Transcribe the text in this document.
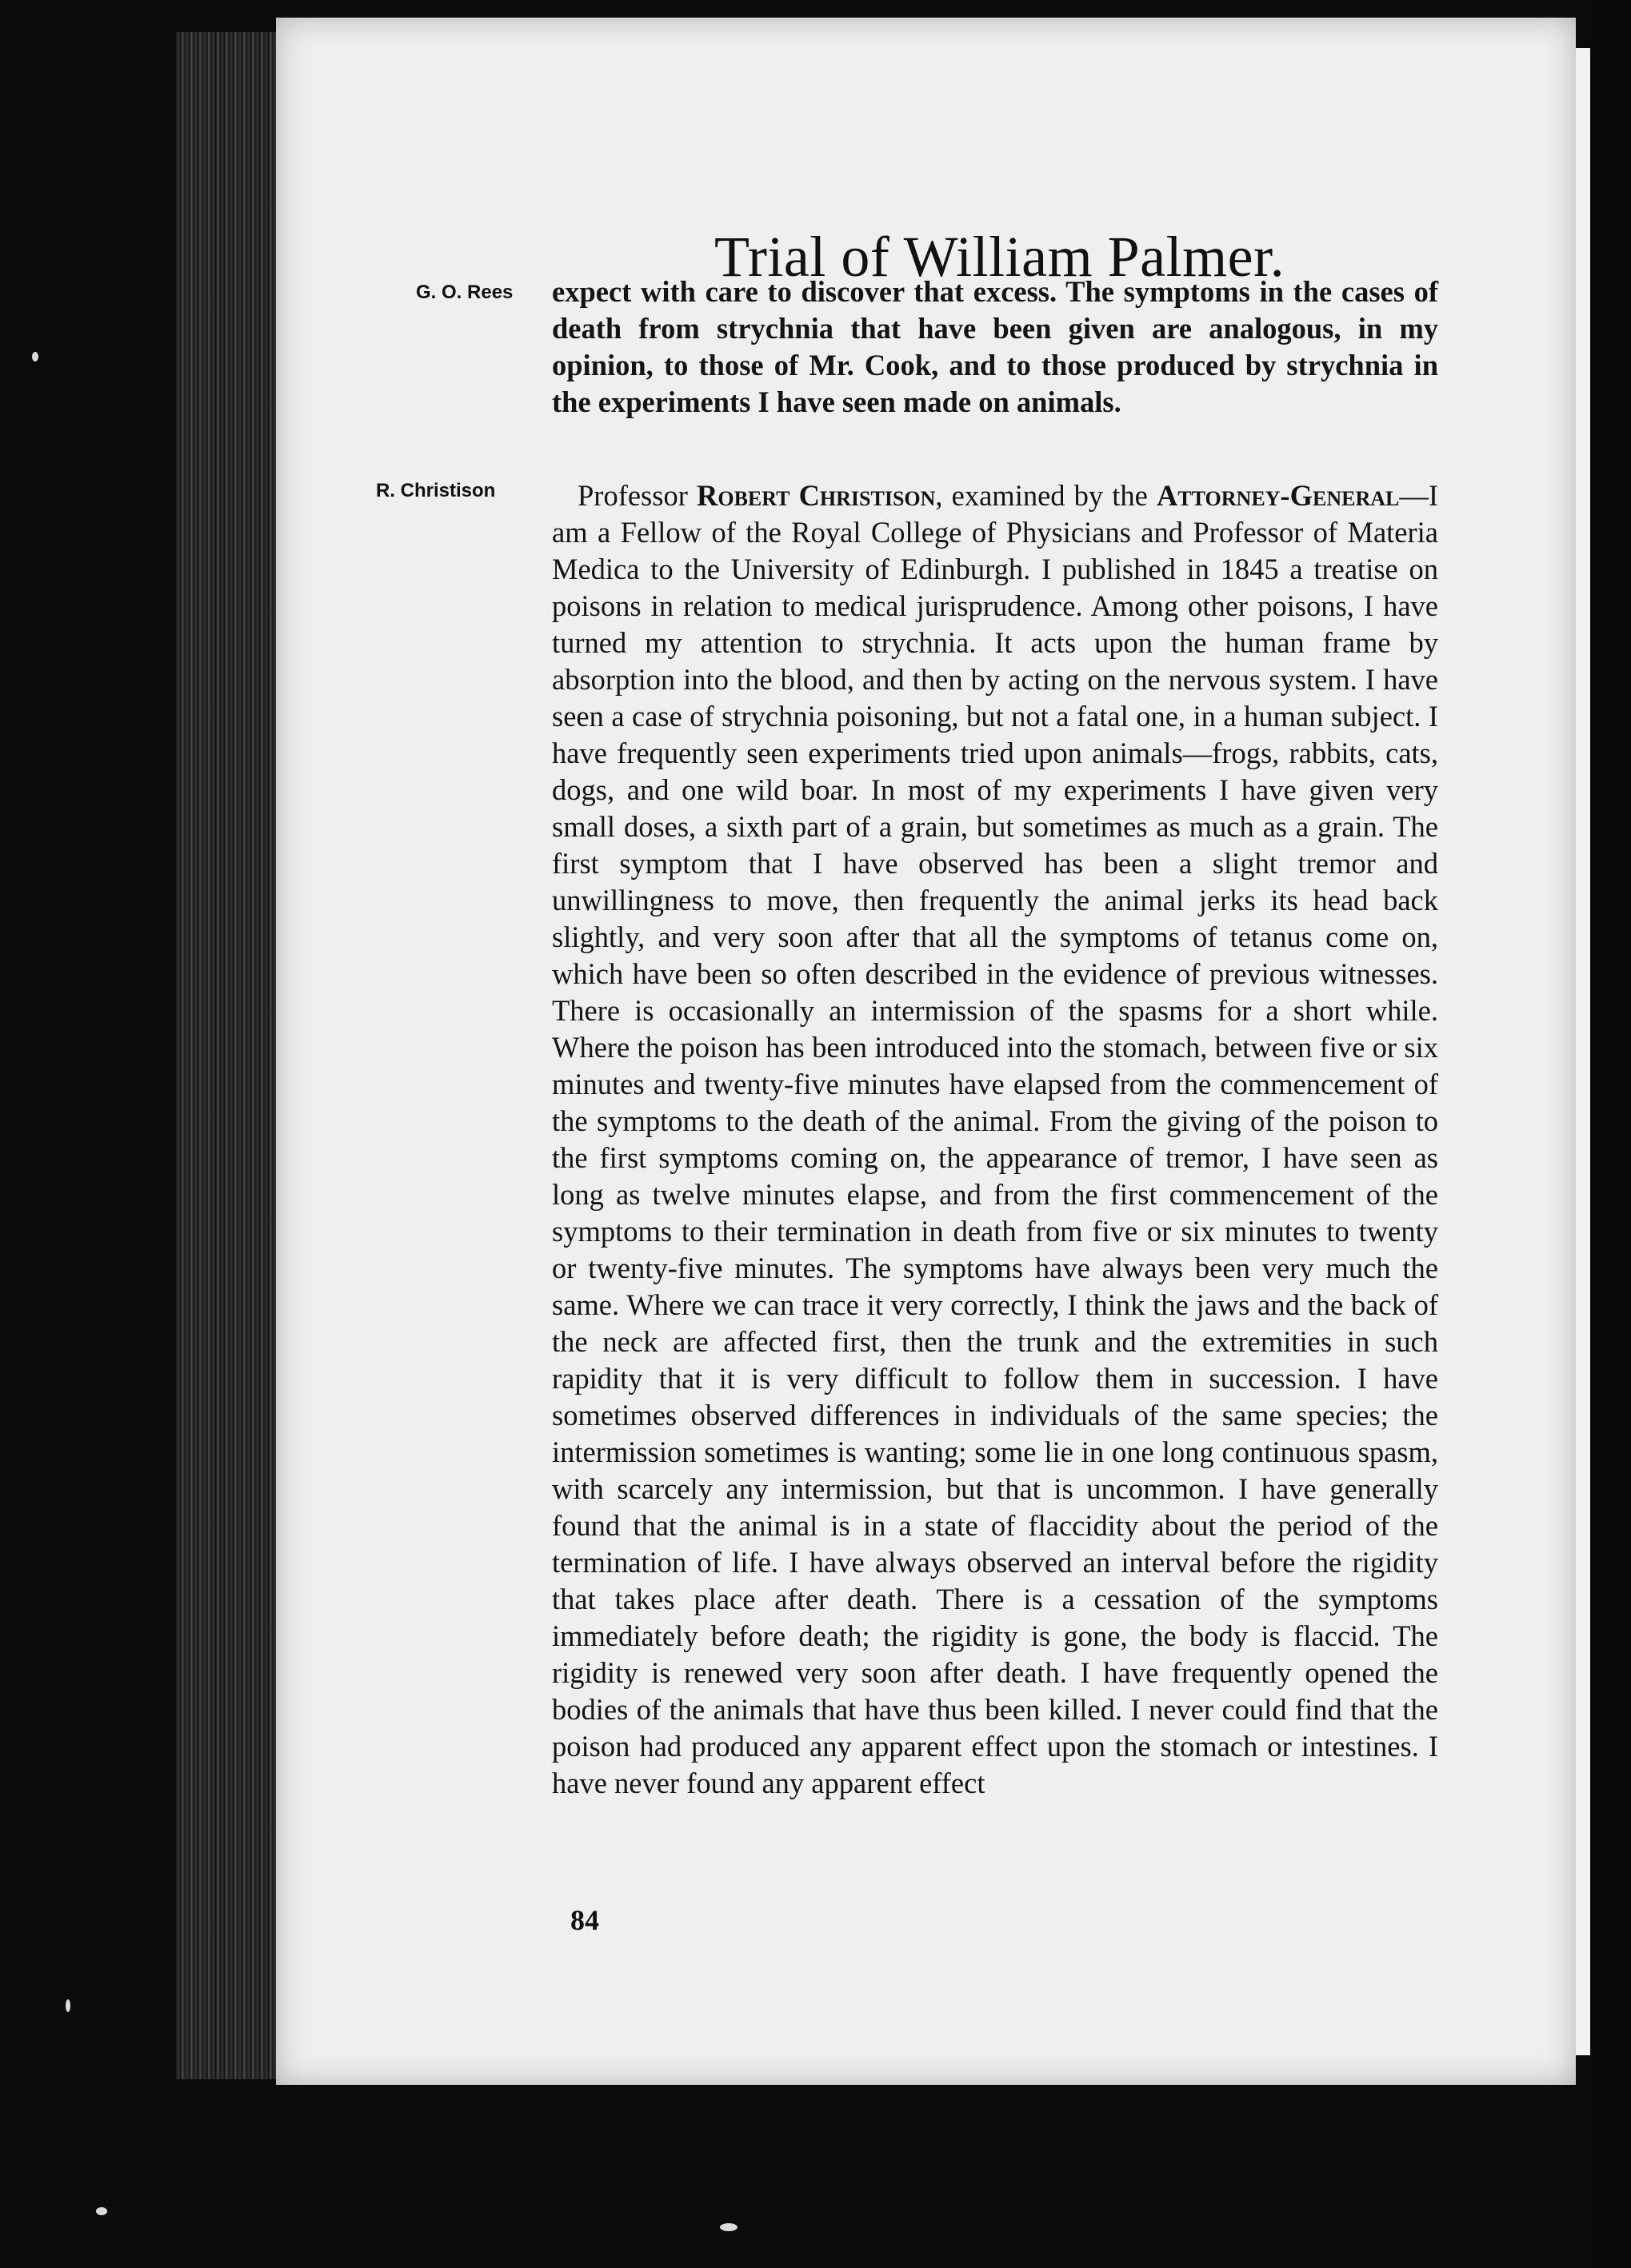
Trial of William Palmer.
G. O. Rees
R. Christison

expect with care to discover that excess. The symptoms in the cases of death from strychnia that have been given are analogous, in my opinion, to those of Mr. Cook, and to those produced by strychnia in the experiments I have seen made on animals.

Professor Robert Christison, examined by the Attorney-General—I am a Fellow of the Royal College of Physicians and Professor of Materia Medica to the University of Edinburgh. I published in 1845 a treatise on poisons in relation to medical jurisprudence. Among other poisons, I have turned my attention to strychnia. It acts upon the human frame by absorption into the blood, and then by acting on the nervous system. I have seen a case of strychnia poisoning, but not a fatal one, in a human subject. I have frequently seen experiments tried upon animals—frogs, rabbits, cats, dogs, and one wild boar. In most of my experiments I have given very small doses, a sixth part of a grain, but sometimes as much as a grain. The first symptom that I have observed has been a slight tremor and unwillingness to move, then frequently the animal jerks its head back slightly, and very soon after that all the symptoms of tetanus come on, which have been so often described in the evidence of previous witnesses. There is occasionally an intermission of the spasms for a short while. Where the poison has been introduced into the stomach, between five or six minutes and twenty-five minutes have elapsed from the commencement of the symptoms to the death of the animal. From the giving of the poison to the first symptoms coming on, the appearance of tremor, I have seen as long as twelve minutes elapse, and from the first commencement of the symptoms to their termination in death from five or six minutes to twenty or twenty-five minutes. The symptoms have always been very much the same. Where we can trace it very correctly, I think the jaws and the back of the neck are affected first, then the trunk and the extremities in such rapidity that it is very difficult to follow them in succession. I have sometimes observed differences in individuals of the same species; the intermission sometimes is wanting; some lie in one long continuous spasm, with scarcely any intermission, but that is uncommon. I have generally found that the animal is in a state of flaccidity about the period of the termination of life. I have always observed an interval before the rigidity that takes place after death. There is a cessation of the symptoms immediately before death; the rigidity is gone, the body is flaccid. The rigidity is renewed very soon after death. I have frequently opened the bodies of the animals that have thus been killed. I never could find that the poison had produced any apparent effect upon the stomach or intestines. I have never found any apparent effect

84
